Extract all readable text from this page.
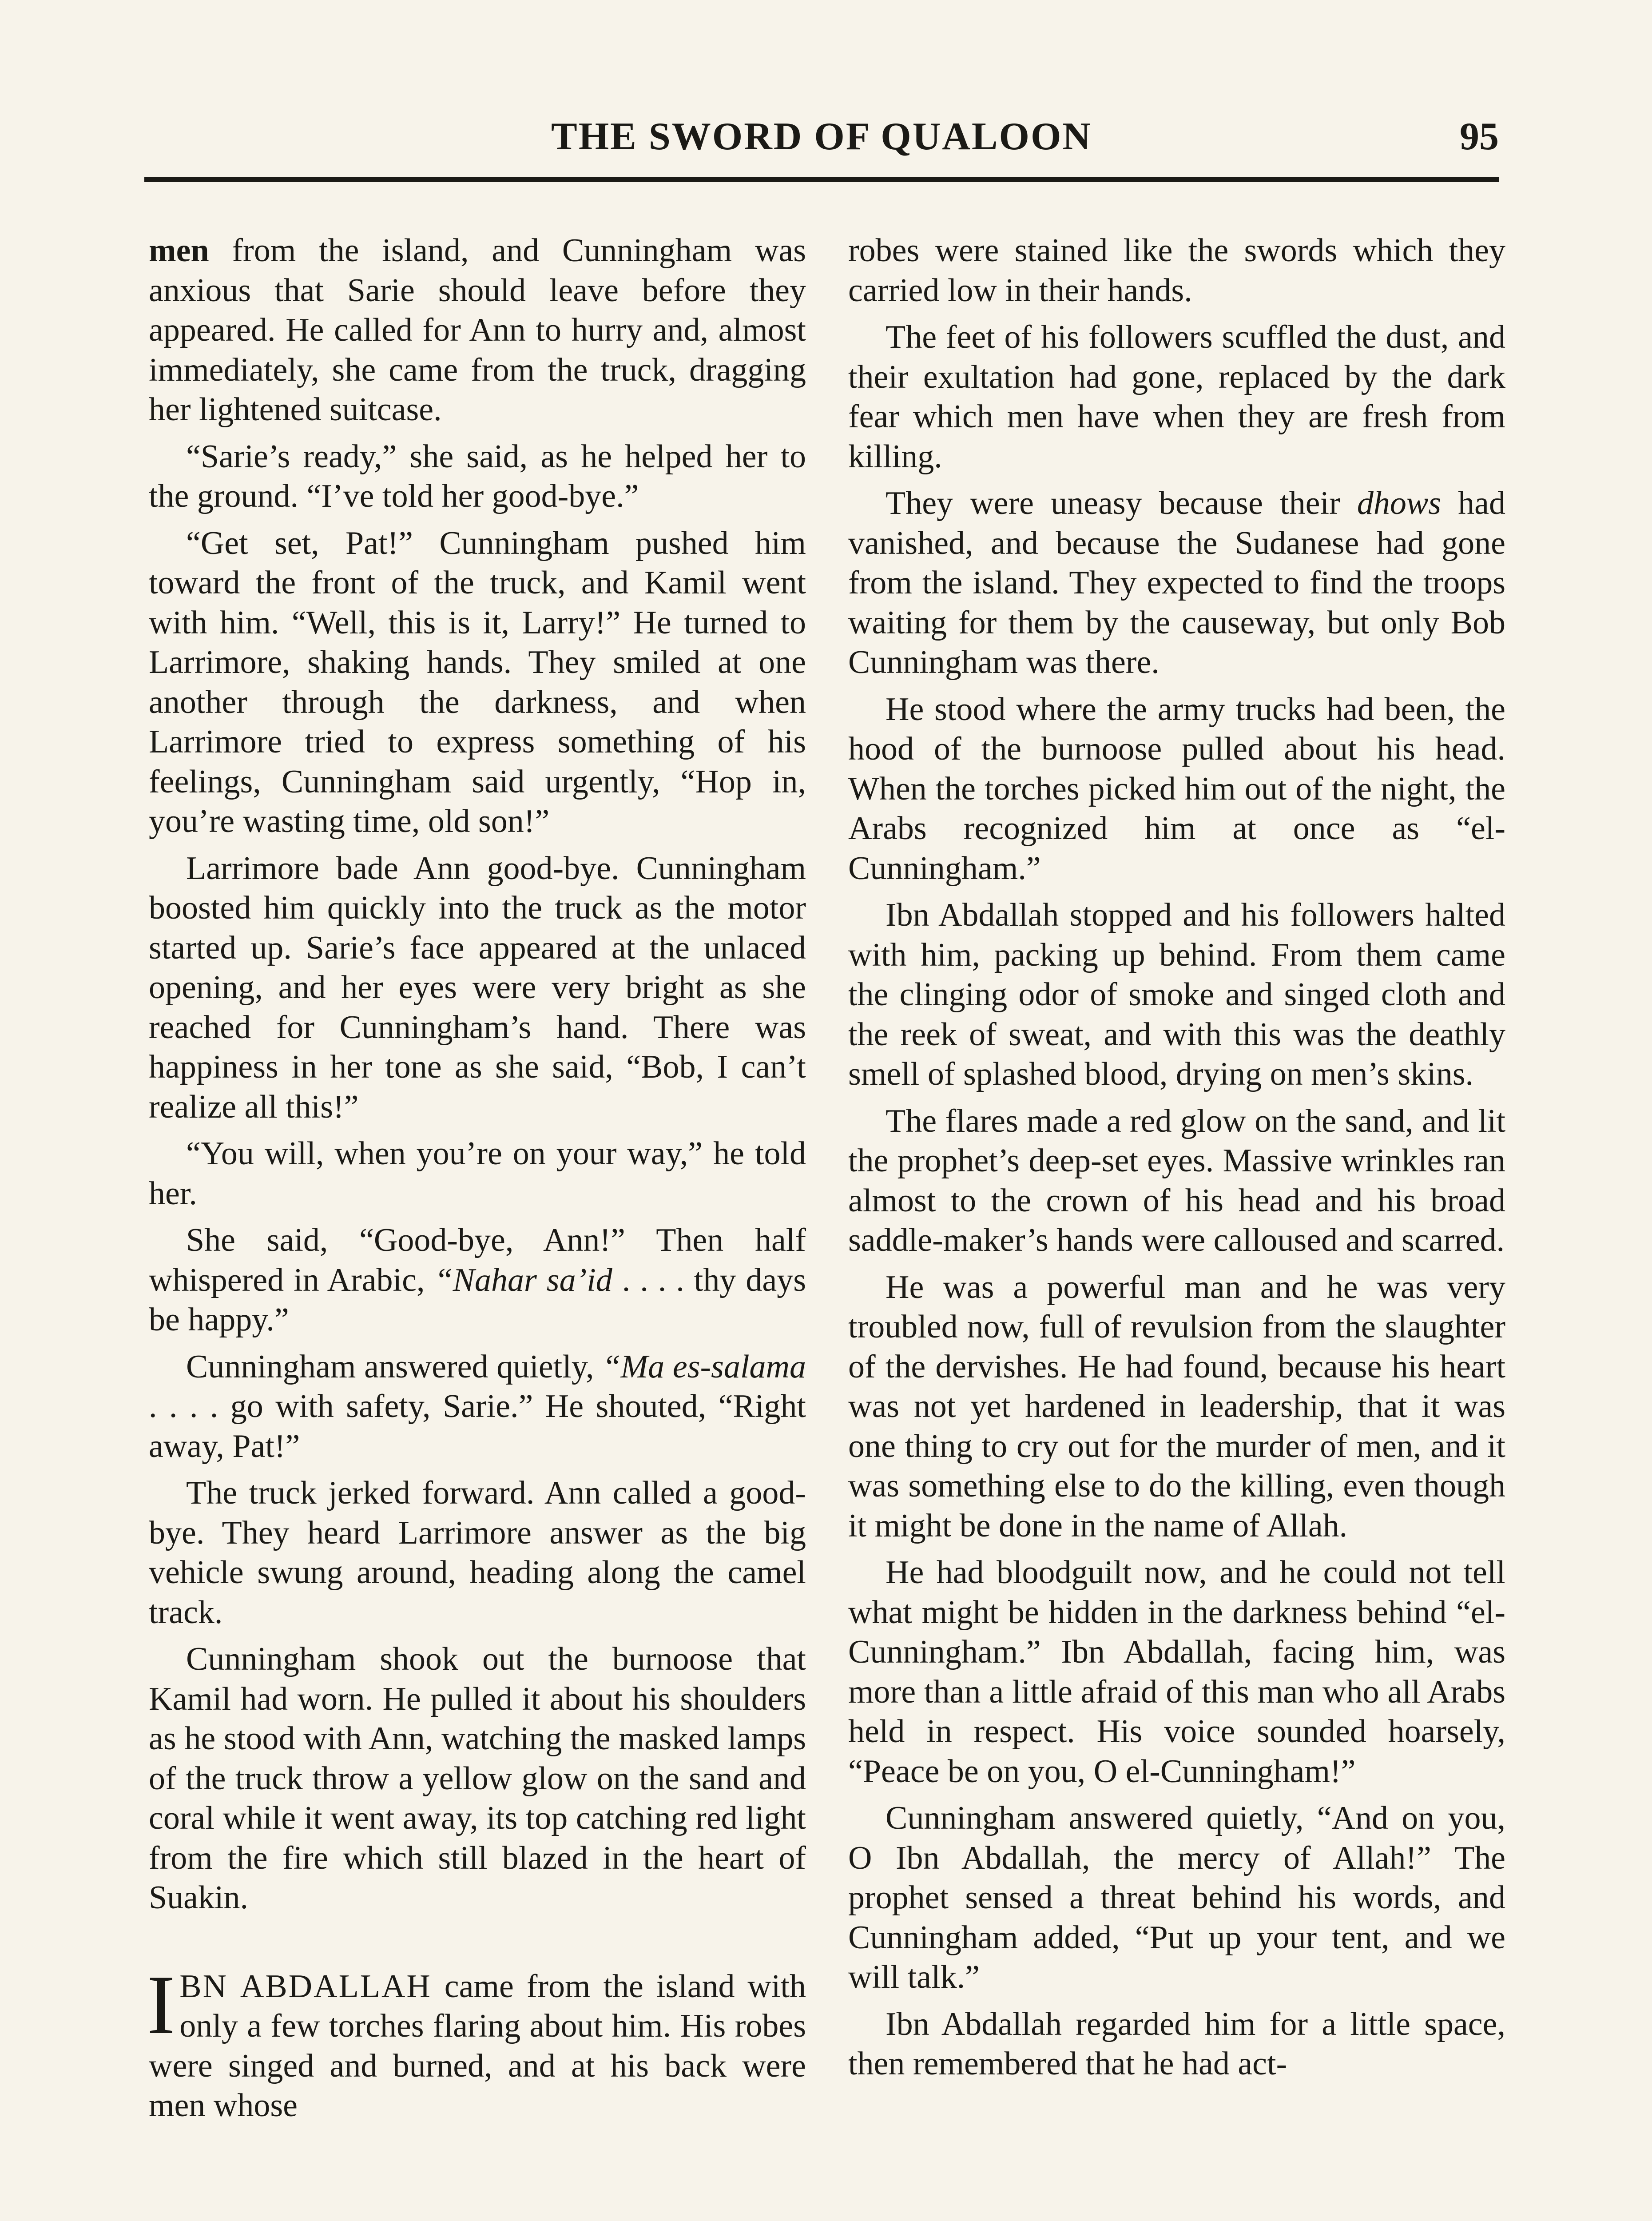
THE SWORD OF QUALOON	95

men from the island, and Cunningham was anxious that Sarie should leave before they appeared. He called for Ann to hurry and, almost immediately, she came from the truck, dragging her lightened suitcase.

“Sarie’s ready,” she said, as he helped her to the ground. “I’ve told her good-bye.”

“Get set, Pat!” Cunningham pushed him toward the front of the truck, and Kamil went with him. “Well, this is it, Larry!” He turned to Larrimore, shaking hands. They smiled at one another through the darkness, and when Larrimore tried to express something of his feelings, Cunningham said urgently, “Hop in, you’re wasting time, old son!”

Larrimore bade Ann good-bye. Cunningham boosted him quickly into the truck as the motor started up. Sarie’s face appeared at the unlaced opening, and her eyes were very bright as she reached for Cunningham’s hand. There was happiness in her tone as she said, “Bob, I can’t realize all this!”

“You will, when you’re on your way,” he told her.

She said, “Good-bye, Ann!” Then half whispered in Arabic, “Nahar sa’id . . . . thy days be happy.”

Cunningham answered quietly, “Ma es-salama . . . . go with safety, Sarie.” He shouted, “Right away, Pat!”

The truck jerked forward. Ann called a good-bye. They heard Larrimore answer as the big vehicle swung around, heading along the camel track.

Cunningham shook out the burnoose that Kamil had worn. He pulled it about his shoulders as he stood with Ann, watching the masked lamps of the truck throw a yellow glow on the sand and coral while it went away, its top catching red light from the fire which still blazed in the heart of Suakin.

IBN ABDALLAH came from the island with only a few torches flaring about him. His robes were singed and burned, and at his back were men whose

robes were stained like the swords which they carried low in their hands.

The feet of his followers scuffled the dust, and their exultation had gone, replaced by the dark fear which men have when they are fresh from killing.

They were uneasy because their dhows had vanished, and because the Sudanese had gone from the island. They expected to find the troops waiting for them by the causeway, but only Bob Cunningham was there.

He stood where the army trucks had been, the hood of the burnoose pulled about his head. When the torches picked him out of the night, the Arabs recognized him at once as “el-Cunningham.”

Ibn Abdallah stopped and his followers halted with him, packing up behind. From them came the clinging odor of smoke and singed cloth and the reek of sweat, and with this was the deathly smell of splashed blood, drying on men’s skins.

The flares made a red glow on the sand, and lit the prophet’s deep-set eyes. Massive wrinkles ran almost to the crown of his head and his broad saddle-maker’s hands were calloused and scarred.

He was a powerful man and he was very troubled now, full of revulsion from the slaughter of the dervishes. He had found, because his heart was not yet hardened in leadership, that it was one thing to cry out for the murder of men, and it was something else to do the killing, even though it might be done in the name of Allah.

He had bloodguilt now, and he could not tell what might be hidden in the darkness behind “el-Cunningham.” Ibn Abdallah, facing him, was more than a little afraid of this man who all Arabs held in respect. His voice sounded hoarsely, “Peace be on you, O el-Cunningham!”

Cunningham answered quietly, “And on you, O Ibn Abdallah, the mercy of Allah!” The prophet sensed a threat behind his words, and Cunningham added, “Put up your tent, and we will talk.”

Ibn Abdallah regarded him for a little space, then remembered that he had act-
